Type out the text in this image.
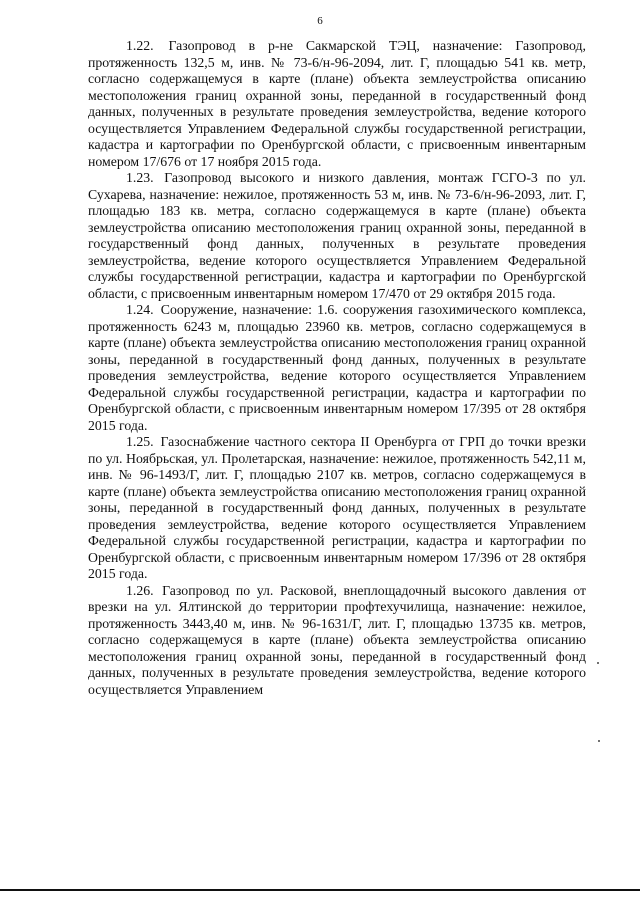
6

1.22. Газопровод в р-не Сакмарской ТЭЦ, назначение: Газопровод, протяженность 132,5 м, инв. № 73-6/н-96-2094, лит. Г, площадью 541 кв. метр, согласно содержащемуся в карте (плане) объекта землеустройства описанию местоположения границ охранной зоны, переданной в государственный фонд данных, полученных в результате проведения землеустройства, ведение которого осуществляется Управлением Федеральной службы государственной регистрации, кадастра и картографии по Оренбургской области, с присвоенным инвентарным номером 17/676 от 17 ноября 2015 года.

1.23. Газопровод высокого и низкого давления, монтаж ГСГО-3 по ул. Сухарева, назначение: нежилое, протяженность 53 м, инв. № 73-6/н-96-2093, лит. Г, площадью 183 кв. метра, согласно содержащемуся в карте (плане) объекта землеустройства описанию местоположения границ охранной зоны, переданной в государственный фонд данных, полученных в результате проведения землеустройства, ведение которого осуществляется Управлением Федеральной службы государственной регистрации, кадастра и картографии по Оренбургской области, с присвоенным инвентарным номером 17/470 от 29 октября 2015 года.

1.24. Сооружение, назначение: 1.6. сооружения газохимического комплекса, протяженность 6243 м, площадью 23960 кв. метров, согласно содержащемуся в карте (плане) объекта землеустройства описанию местоположения границ охранной зоны, переданной в государственный фонд данных, полученных в результате проведения землеустройства, ведение которого осуществляется Управлением Федеральной службы государственной регистрации, кадастра и картографии по Оренбургской области, с присвоенным инвентарным номером 17/395 от 28 октября 2015 года.

1.25. Газоснабжение частного сектора II Оренбурга от ГРП до точки врезки по ул. Ноябрьская, ул. Пролетарская, назначение: нежилое, протяженность 542,11 м, инв. № 96-1493/Г, лит. Г, площадью 2107 кв. метров, согласно содержащемуся в карте (плане) объекта землеустройства описанию местоположения границ охранной зоны, переданной в государственный фонд данных, полученных в результате проведения землеустройства, ведение которого осуществляется Управлением Федеральной службы государственной регистрации, кадастра и картографии по Оренбургской области, с присвоенным инвентарным номером 17/396 от 28 октября 2015 года.

1.26. Газопровод по ул. Расковой, внеплощадочный высокого давления от врезки на ул. Ялтинской до территории профтехучилища, назначение: нежилое, протяженность 3443,40 м, инв. № 96-1631/Г, лит. Г, площадью 13735 кв. метров, согласно содержащемуся в карте (плане) объекта землеустройства описанию местоположения границ охранной зоны, переданной в государственный фонд данных, полученных в результате проведения землеустройства, ведение которого осуществляется Управлением
